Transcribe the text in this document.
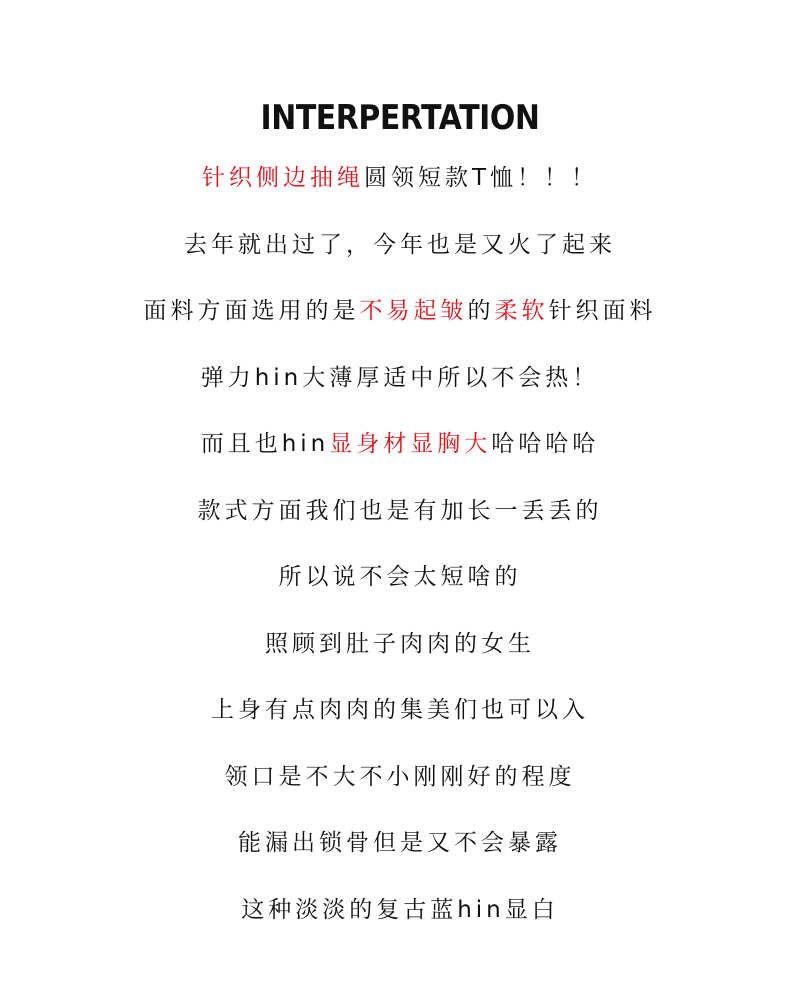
INTERPERTATION
针织侧边抽绳 圆领短款T恤！！！
去年就出过了，今年也是又火了起来
面料方面选用的是 不易起皱 的 柔软 针织面料
弹力hin大薄厚适中所以不会热！
而且也hin 显身材显胸大 哈哈哈哈
款式方面我们也是有加长一丢丢的
所以说不会太短啥的
照顾到肚子肉肉的女生
上身有点肉肉的集美们也可以入
领口是不大不小刚刚好的程度
能漏出锁骨但是又不会暴露
这种淡淡的复古蓝hin显白
